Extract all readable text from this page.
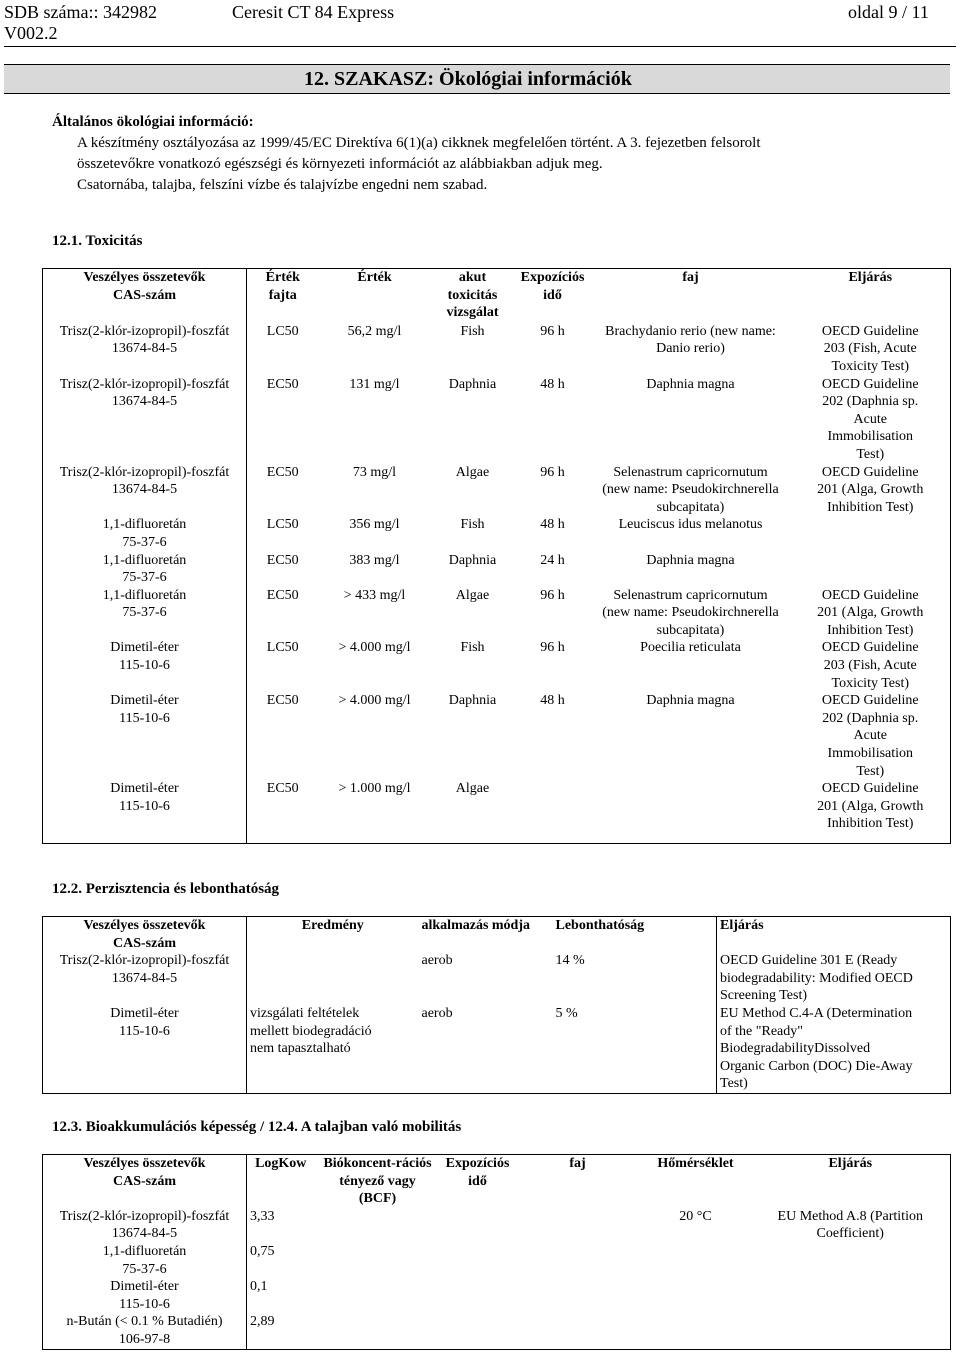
SDB száma:: 342982
V002.2
Ceresit CT 84 Express	oldal 9 / 11
12. SZAKASZ: Ökológiai információk
Általános ökológiai információ:
A készítmény osztályozása az 1999/45/EC Direktíva 6(1)(a) cikknek megfelelően történt. A 3. fejezetben felsorolt
összetevőkre vonatkozó egészségi és környezeti információt az alábbiakban adjuk meg.
Csatornába, talajba, felszíni vízbe és talajvízbe engedni nem szabad.
12.1. Toxicitás
Veszélyes összetevők
CAS-szám	Érték
fajta	Érték	akut
toxicitás
vizsgálat	Expozíciós
idő	faj	Eljárás
Trisz(2-klór-izopropil)-foszfát
13674-84-5	LC50	56,2 mg/l	Fish	96 h	Brachydanio rerio (new name:
Danio rerio)	OECD Guideline
203 (Fish, Acute
Toxicity Test)
Trisz(2-klór-izopropil)-foszfát
13674-84-5	EC50	131 mg/l	Daphnia	48 h	Daphnia magna	OECD Guideline
202 (Daphnia sp.
Acute
Immobilisation
Test)
Trisz(2-klór-izopropil)-foszfát
13674-84-5	EC50	73 mg/l	Algae	96 h	Selenastrum capricornutum
(new name: Pseudokirchnerella
subcapitata)	OECD Guideline
201 (Alga, Growth
Inhibition Test)
1,1-difluoretán
75-37-6	LC50	356 mg/l	Fish	48 h	Leuciscus idus melanotus	
1,1-difluoretán
75-37-6	EC50	383 mg/l	Daphnia	24 h	Daphnia magna	
1,1-difluoretán
75-37-6	EC50	> 433 mg/l	Algae	96 h	Selenastrum capricornutum
(new name: Pseudokirchnerella
subcapitata)	OECD Guideline
201 (Alga, Growth
Inhibition Test)
Dimetil-éter
115-10-6	LC50	> 4.000 mg/l	Fish	96 h	Poecilia reticulata	OECD Guideline
203 (Fish, Acute
Toxicity Test)
Dimetil-éter
115-10-6	EC50	> 4.000 mg/l	Daphnia	48 h	Daphnia magna	OECD Guideline
202 (Daphnia sp.
Acute
Immobilisation
Test)
Dimetil-éter
115-10-6	EC50	> 1.000 mg/l	Algae			OECD Guideline
201 (Alga, Growth
Inhibition Test)
12.2. Perzisztencia és lebonthatóság
Veszélyes összetevők
CAS-szám	Eredmény	alkalmazás módja	Lebonthatóság	Eljárás
Trisz(2-klór-izopropil)-foszfát
13674-84-5		aerob	14 %	OECD Guideline 301 E (Ready
biodegradability: Modified OECD
Screening Test)
Dimetil-éter
115-10-6	vizsgálati feltételek
mellett biodegradáció
nem tapasztalható	aerob	5 %	EU Method C.4-A (Determination
of the "Ready"
BiodegradabilityDissolved
Organic Carbon (DOC) Die-Away
Test)
12.3. Bioakkumulációs képesség / 12.4. A talajban való mobilitás
Veszélyes összetevők
CAS-szám	LogKow	Biókoncent-rációs
tényező vagy
(BCF)	Expozíciós
idő	faj	Hőmérséklet	Eljárás
Trisz(2-klór-izopropil)-foszfát
13674-84-5	3,33				20 °C	EU Method A.8 (Partition
Coefficient)
1,1-difluoretán
75-37-6	0,75					
Dimetil-éter
115-10-6	0,1					
n-Bután (< 0.1 % Butadién)
106-97-8	2,89					
